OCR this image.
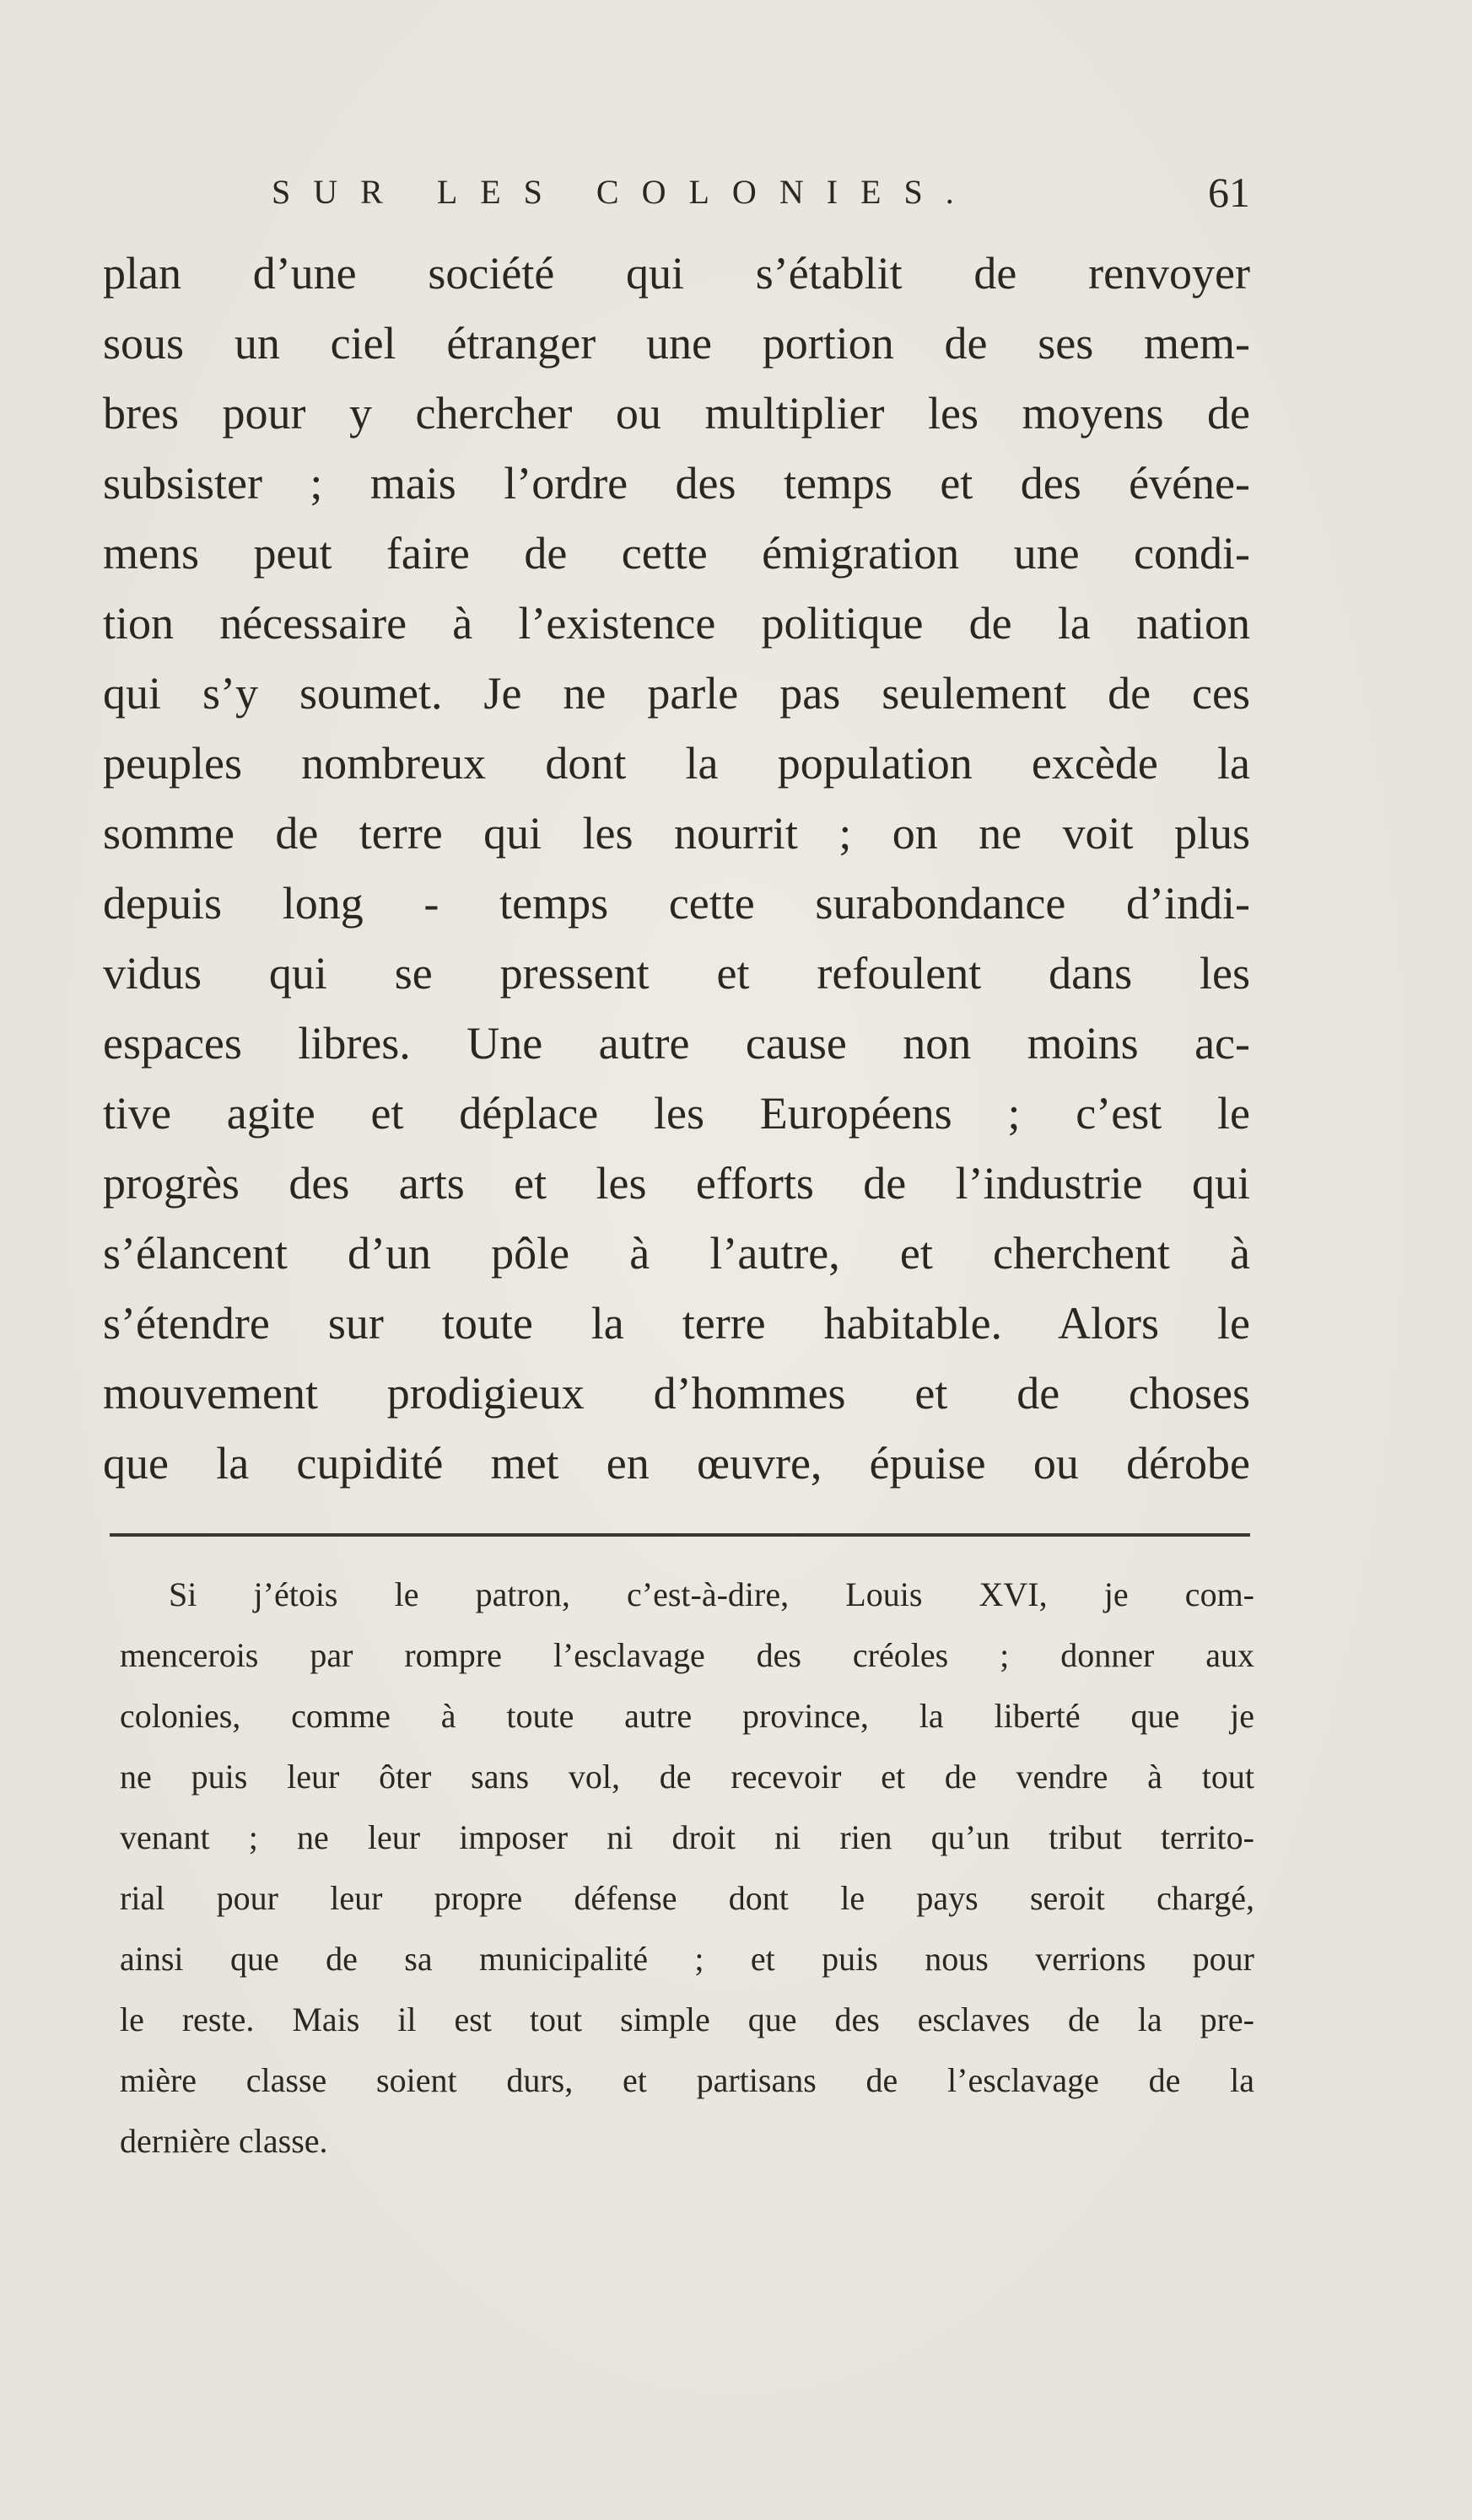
SUR LES COLONIES.	61
plan d’une société qui s’établit de renvoyer
sous un ciel étranger une portion de ses mem-
bres pour y chercher ou multiplier les moyens de
subsister ; mais l’ordre des temps et des événe-
mens peut faire de cette émigration une condi-
tion nécessaire à l’existence politique de la nation
qui s’y soumet. Je ne parle pas seulement de ces
peuples nombreux dont la population excède la
somme de terre qui les nourrit ; on ne voit plus
depuis long - temps cette surabondance d’indi-
vidus qui se pressent et refoulent dans les
espaces libres. Une autre cause non moins ac-
tive agite et déplace les Européens ; c’est le
progrès des arts et les efforts de l’industrie qui
s’élancent d’un pôle à l’autre, et cherchent à
s’étendre sur toute la terre habitable. Alors le
mouvement prodigieux d’hommes et de choses
que la cupidité met en œuvre, épuise ou dérobe
Si j’étois le patron, c’est-à-dire, Louis XVI, je com-
mencerois par rompre l’esclavage des créoles ; donner aux
colonies, comme à toute autre province, la liberté que je
ne puis leur ôter sans vol, de recevoir et de vendre à tout
venant ; ne leur imposer ni droit ni rien qu’un tribut territo-
rial pour leur propre défense dont le pays seroit chargé,
ainsi que de sa municipalité ; et puis nous verrions pour
le reste. Mais il est tout simple que des esclaves de la pre-
mière classe soient durs, et partisans de l’esclavage de la
dernière classe.
